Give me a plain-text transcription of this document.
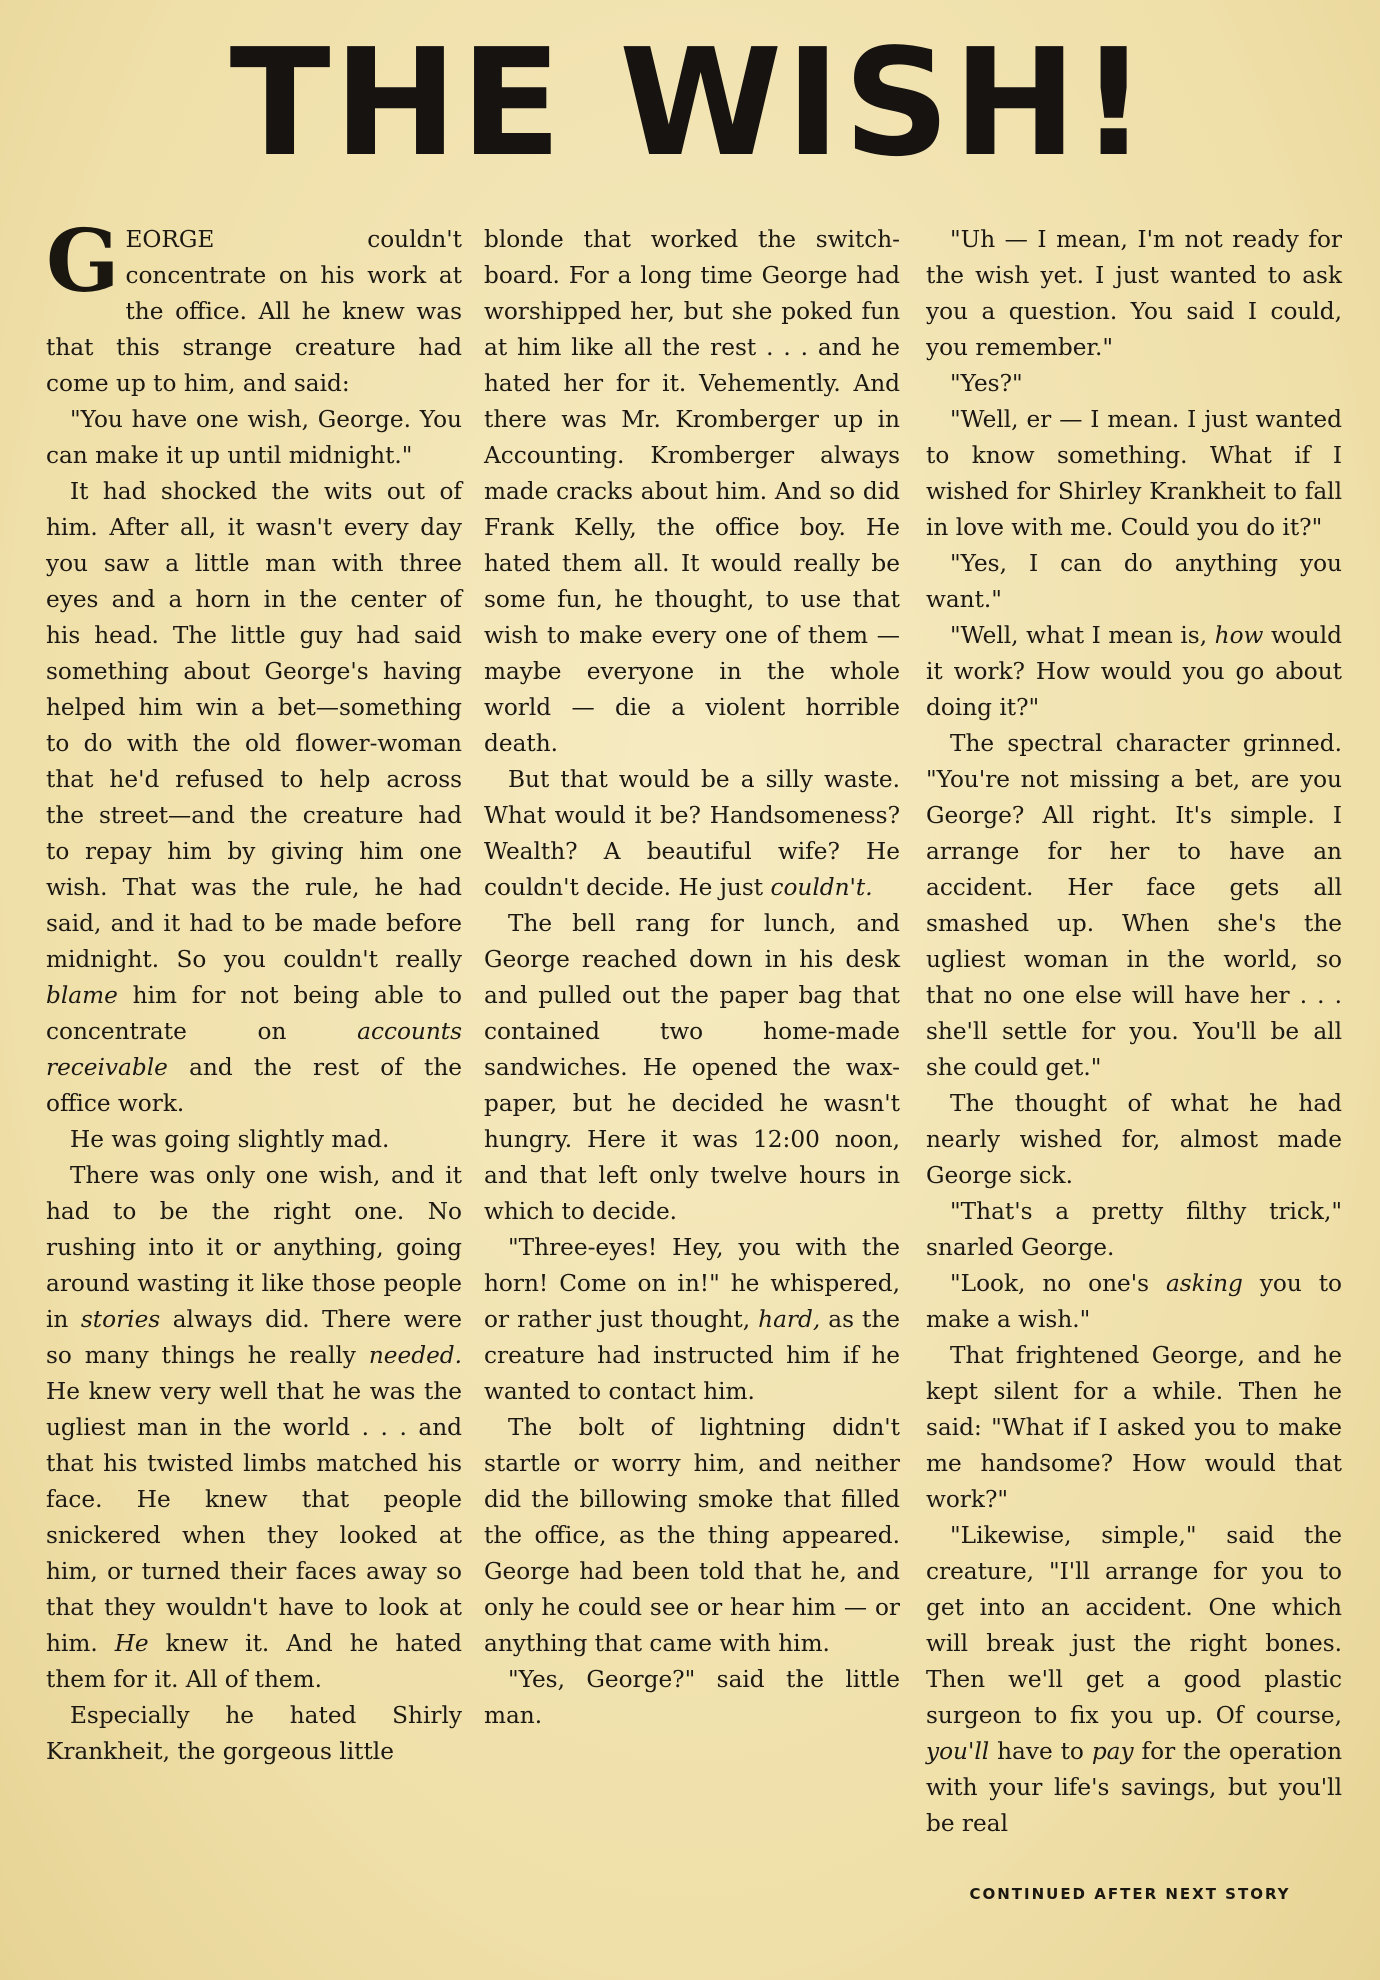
THE WISH!

GEORGE	couldn't concentrate on his work at the office. All he knew was that this strange creature had come up to him, and said:

"You have one wish, George. You can make it up until midnight."

It had shocked the wits out of him. After all, it wasn't every day you saw a little man with three eyes and a horn in the center of his head. The little guy had said something about George's having helped him win a bet—something to do with the old flower-woman that he'd refused to help across the street—and the creature had to repay him by giving him one wish. That was the rule, he had said, and it had to be made before midnight. So you couldn't really blame him for not being able to concentrate on	accounts receivable and the rest of the office work.

He was going slightly mad.

There was only one wish, and it had to be the right one. No rushing into it or anything, going around wasting it like those people in stories always did. There were so many things he really needed. He knew very well that he was the ugliest man in the world . . . and that his twisted limbs matched his face. He knew that people snickered when they looked at him, or turned their faces away so that they wouldn't have to look at him. He knew it. And he hated them for it. All of them.

Especially he hated Shirly Krankheit, the gorgeous little

blonde that worked the switch-board. For a long time George had worshipped her, but she poked fun at him like all the rest . . . and he hated her for it. Vehemently. And there was Mr. Kromberger up in Accounting. Kromberger always made cracks about him. And so did Frank Kelly, the office boy. He hated them all. It would really be some fun, he thought, to use that wish to make every one of them — maybe everyone in the whole world — die a violent horrible death.

But that would be a silly waste. What would it be? Handsomeness? Wealth? A beautiful wife? He couldn't decide. He just couldn't.

The bell rang for lunch, and George reached down in his desk and pulled out the paper bag that contained two home-made sandwiches. He opened the wax-paper, but he decided he wasn't hungry. Here it was 12:00 noon, and that left only twelve hours in which to decide.

"Three-eyes! Hey, you with the horn! Come on in!" he whispered, or rather just thought, hard, as the creature had instructed him if he wanted to contact him.

The bolt of lightning didn't startle or worry him, and neither did the billowing smoke that filled the office, as the thing appeared. George had been told that he, and only he could see or hear him — or anything that came with him.

"Yes, George?" said the little man.

"Uh — I mean, I'm not ready for the wish yet. I just wanted to ask you a question. You said I could, you remember."

"Yes?"

"Well, er — I mean. I just wanted to know something. What if I wished for Shirley Krankheit to fall in love with me. Could you do it?"

"Yes, I can do anything you want."

"Well, what I mean is, how would it work? How would you go about doing it?"

The spectral character grinned. "You're not missing a bet, are you George? All right. It's simple. I arrange for her to have an accident. Her face gets all smashed up. When she's the ugliest woman in the world, so that no one else will have her . . . she'll settle for you. You'll be all she could get."

The thought of what he had nearly wished for, almost made George sick.

"That's a pretty filthy trick," snarled George.

"Look, no one's asking you to make a wish."

That frightened George, and he kept silent for a while. Then he said: "What if I asked you to make me handsome? How would that work?"

"Likewise, simple," said the creature, "I'll arrange for you to get into an accident. One which will break just the right bones. Then we'll get a good plastic surgeon to fix you up. Of course, you'll have to pay for the operation with your life's savings, but you'll be real

CONTINUED AFTER NEXT STORY
